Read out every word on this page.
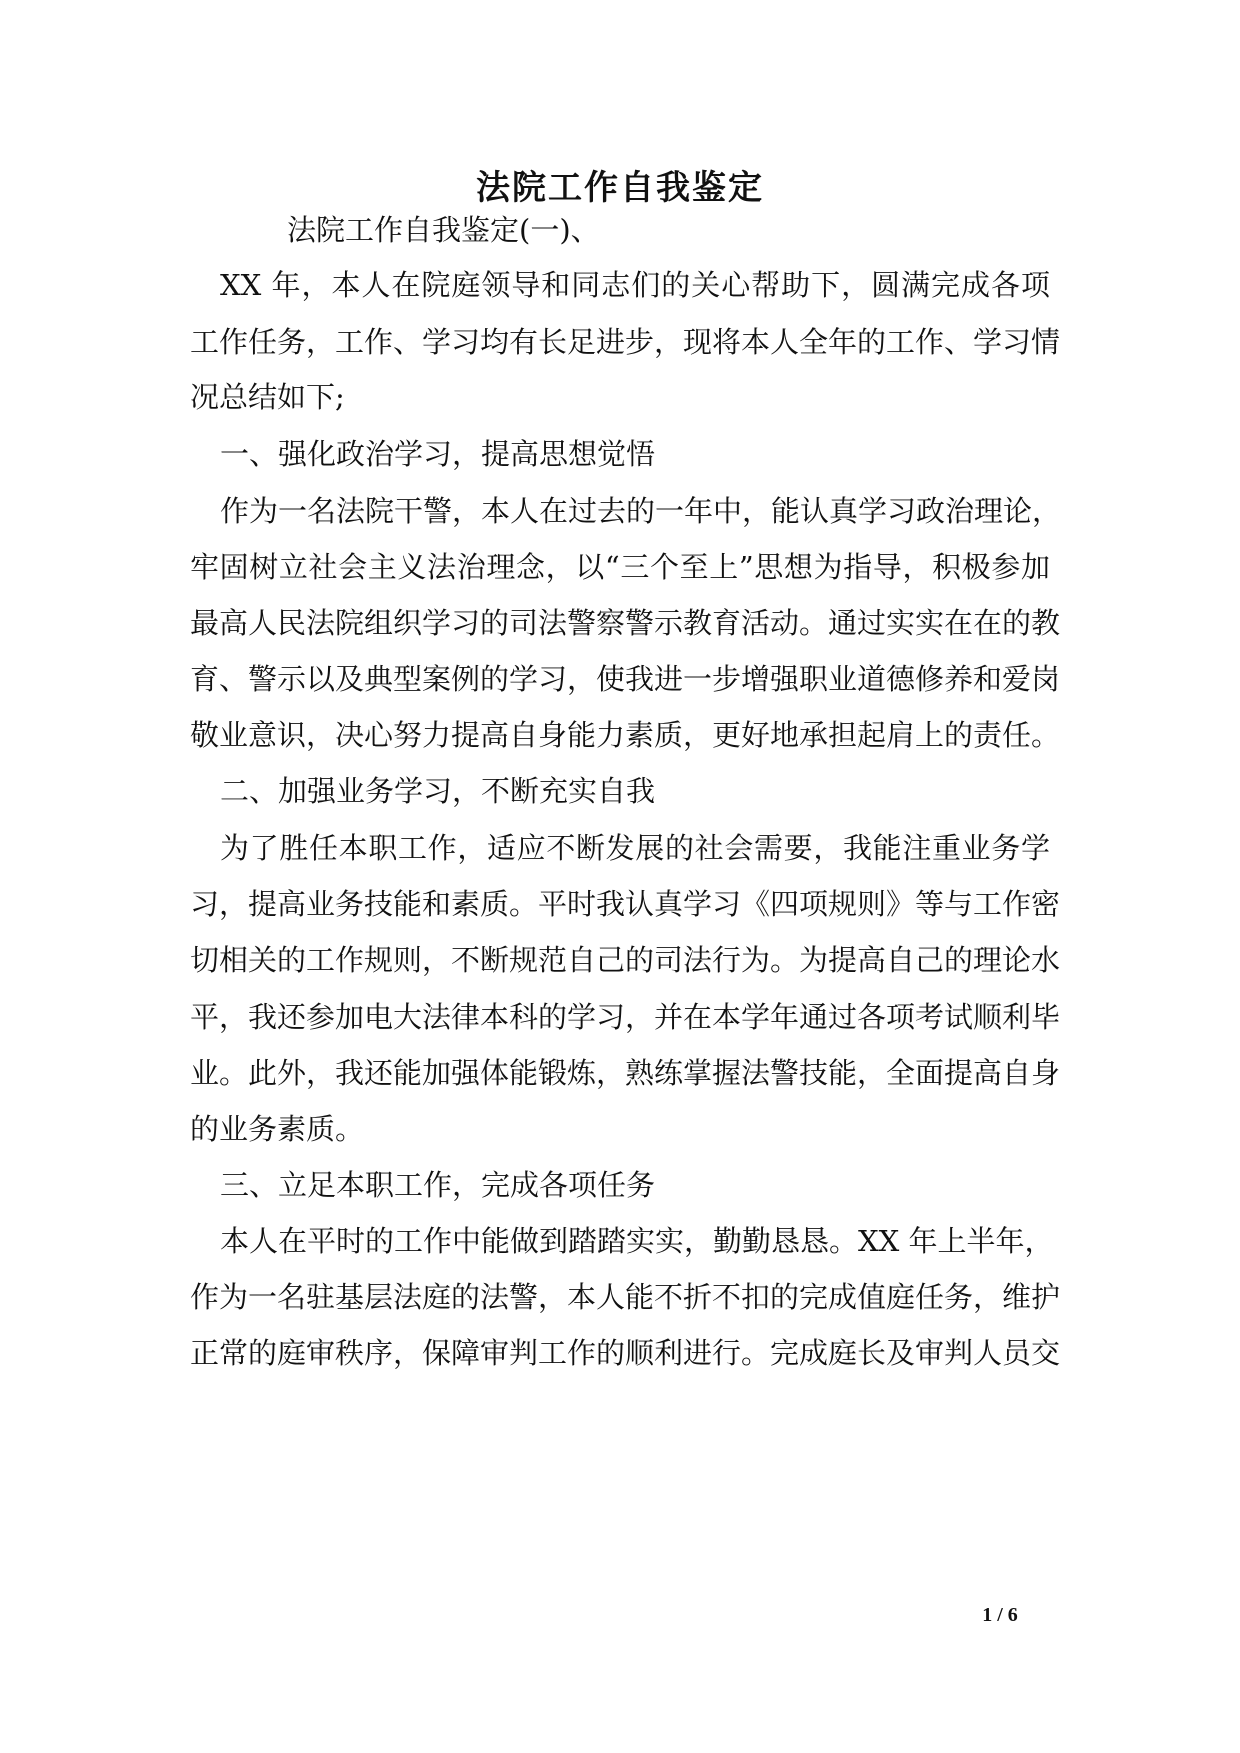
法院工作自我鉴定
法院工作自我鉴定(一)、
XX 年，本人在院庭领导和同志们的关心帮助下，圆满完成各项
工作任务，工作、学习均有长足进步，现将本人全年的工作、学习情
况总结如下;
一、强化政治学习，提高思想觉悟
作为一名法院干警，本人在过去的一年中，能认真学习政治理论，
牢固树立社会主义法治理念，以“三个至上”思想为指导，积极参加
最高人民法院组织学习的司法警察警示教育活动。通过实实在在的教
育、警示以及典型案例的学习，使我进一步增强职业道德修养和爱岗
敬业意识，决心努力提高自身能力素质，更好地承担起肩上的责任。
二、加强业务学习，不断充实自我
为了胜任本职工作，适应不断发展的社会需要，我能注重业务学
习，提高业务技能和素质。平时我认真学习《四项规则》等与工作密
切相关的工作规则，不断规范自己的司法行为。为提高自己的理论水
平，我还参加电大法律本科的学习，并在本学年通过各项考试顺利毕
业。此外，我还能加强体能锻炼，熟练掌握法警技能，全面提高自身
的业务素质。
三、立足本职工作，完成各项任务
本人在平时的工作中能做到踏踏实实，勤勤恳恳。XX 年上半年，
作为一名驻基层法庭的法警，本人能不折不扣的完成值庭任务，维护
正常的庭审秩序，保障审判工作的顺利进行。完成庭长及审判人员交
1 / 6
